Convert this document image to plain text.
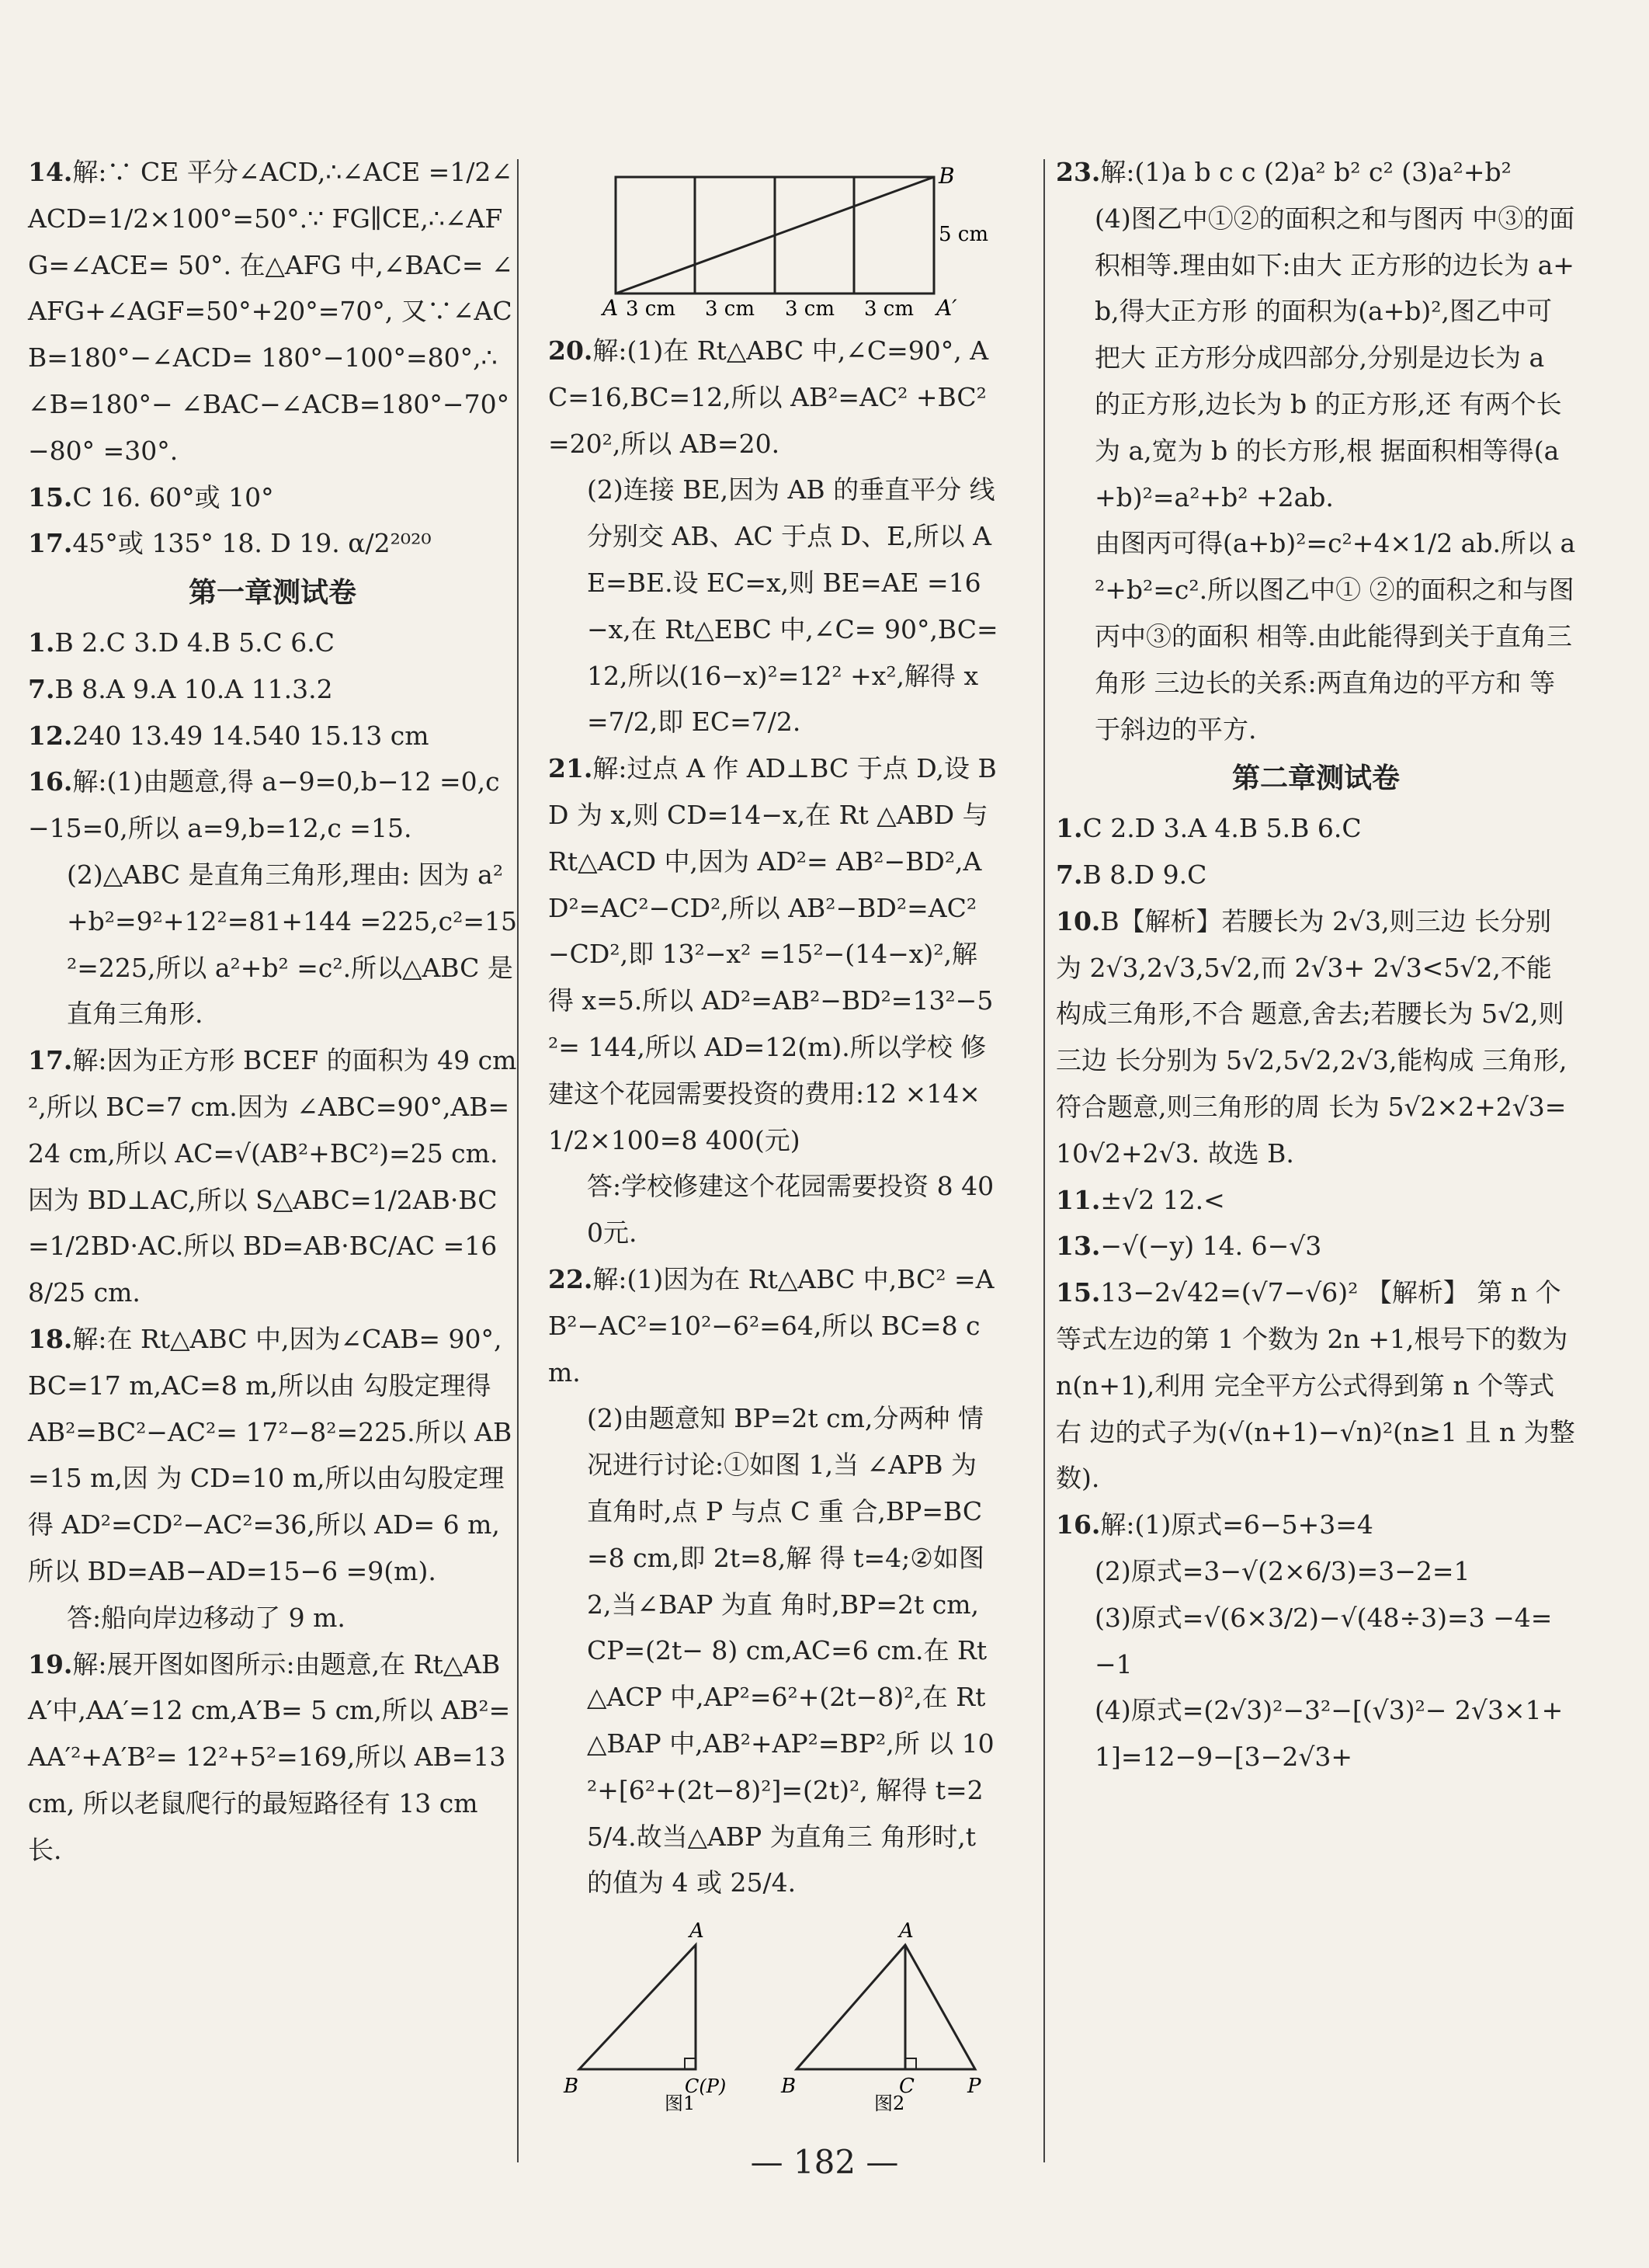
14.解:∵ CE 平分∠ACD,∴∠ACE =1/2∠ACD=1/2×100°=50°.∵ FG∥CE,∴∠AFG=∠ACE= 50°. 在△AFG 中,∠BAC= ∠AFG+∠AGF=50°+20°=70°, 又∵∠ACB=180°−∠ACD= 180°−100°=80°,∴∠B=180°− ∠BAC−∠ACB=180°−70°−80° =30°.
15.C 16. 60°或 10°
17.45°或 135° 18. D 19. α/2²⁰²⁰
第一章测试卷
1.B 2.C 3.D 4.B 5.C 6.C
7.B 8.A 9.A 10.A 11.3.2
12.240 13.49 14.540 15.13 cm
16.解:(1)由题意,得 a−9=0,b−12 =0,c−15=0,所以 a=9,b=12,c =15.
(2)△ABC 是直角三角形,理由: 因为 a²+b²=9²+12²=81+144 =225,c²=15²=225,所以 a²+b² =c².所以△ABC 是直角三角形.
17.解:因为正方形 BCEF 的面积为 49 cm²,所以 BC=7 cm.因为 ∠ABC=90°,AB=24 cm,所以 AC=√(AB²+BC²)=25 cm.因为 BD⊥AC,所以 S△ABC=1/2AB·BC =1/2BD·AC.所以 BD=AB·BC/AC =168/25 cm.
18.解:在 Rt△ABC 中,因为∠CAB= 90°,BC=17 m,AC=8 m,所以由 勾股定理得 AB²=BC²−AC²= 17²−8²=225.所以 AB=15 m,因 为 CD=10 m,所以由勾股定理得 AD²=CD²−AC²=36,所以 AD= 6 m,所以 BD=AB−AD=15−6 =9(m).
答:船向岸边移动了 9 m.
19.解:展开图如图所示:由题意,在 Rt△ABA′中,AA′=12 cm,A′B= 5 cm,所以 AB²=AA′²+A′B²= 12²+5²=169,所以 AB=13 cm, 所以老鼠爬行的最短路径有 13 cm 长.
B
5 cm
A 3 cm 3 cm 3 cm 3 cm A′
20.解:(1)在 Rt△ABC 中,∠C=90°, AC=16,BC=12,所以 AB²=AC² +BC²=20²,所以 AB=20.
(2)连接 BE,因为 AB 的垂直平分 线分别交 AB、AC 于点 D、E,所以 AE=BE.设 EC=x,则 BE=AE =16−x,在 Rt△EBC 中,∠C= 90°,BC=12,所以(16−x)²=12² +x²,解得 x=7/2,即 EC=7/2.
21.解:过点 A 作 AD⊥BC 于点 D,设 BD 为 x,则 CD=14−x,在 Rt △ABD 与 Rt△ACD 中,因为 AD²= AB²−BD²,AD²=AC²−CD²,所以 AB²−BD²=AC²−CD²,即 13²−x² =15²−(14−x)²,解得 x=5.所以 AD²=AB²−BD²=13²−5²= 144,所以 AD=12(m).所以学校 修建这个花园需要投资的费用:12 ×14×1/2×100=8 400(元)
答:学校修建这个花园需要投资 8 400元.
22.解:(1)因为在 Rt△ABC 中,BC² =AB²−AC²=10²−6²=64,所以 BC=8 cm.
(2)由题意知 BP=2t cm,分两种 情况进行讨论:①如图 1,当 ∠APB 为直角时,点 P 与点 C 重 合,BP=BC=8 cm,即 2t=8,解 得 t=4;②如图 2,当∠BAP 为直 角时,BP=2t cm,CP=(2t− 8) cm,AC=6 cm.在 Rt△ACP 中,AP²=6²+(2t−8)²,在 Rt △BAP 中,AB²+AP²=BP²,所 以 10²+[6²+(2t−8)²]=(2t)², 解得 t=25/4.故当△ABP 为直角三 角形时,t 的值为 4 或 25/4.
A
B	C(P)
图1
A
B	C	P
图2
23.解:(1)a b c c (2)a² b² c² (3)a²+b²
(4)图乙中①②的面积之和与图丙 中③的面积相等.理由如下:由大 正方形的边长为 a+b,得大正方形 的面积为(a+b)²,图乙中可把大 正方形分成四部分,分别是边长为 a 的正方形,边长为 b 的正方形,还 有两个长为 a,宽为 b 的长方形,根 据面积相等得(a+b)²=a²+b² +2ab.
由图丙可得(a+b)²=c²+4×1/2 ab.所以 a²+b²=c².所以图乙中① ②的面积之和与图丙中③的面积 相等.由此能得到关于直角三角形 三边长的关系:两直角边的平方和 等于斜边的平方.
第二章测试卷
1.C 2.D 3.A 4.B 5.B 6.C
7.B 8.D 9.C
10.B【解析】若腰长为 2√3,则三边 长分别为 2√3,2√3,5√2,而 2√3+ 2√3<5√2,不能构成三角形,不合 题意,舍去;若腰长为 5√2,则三边 长分别为 5√2,5√2,2√3,能构成 三角形,符合题意,则三角形的周 长为 5√2×2+2√3=10√2+2√3. 故选 B.
11.±√2 12.<
13.−√(−y) 14. 6−√3
15.13−2√42=(√7−√6)² 【解析】 第 n 个等式左边的第 1 个数为 2n +1,根号下的数为 n(n+1),利用 完全平方公式得到第 n 个等式右 边的式子为(√(n+1)−√n)²(n≥1 且 n 为整数).
16.解:(1)原式=6−5+3=4
(2)原式=3−√(2×6/3)=3−2=1
(3)原式=√(6×3/2)−√(48÷3)=3 −4=−1
(4)原式=(2√3)²−3²−[(√3)²− 2√3×1+1]=12−9−[3−2√3+
— 182 —
